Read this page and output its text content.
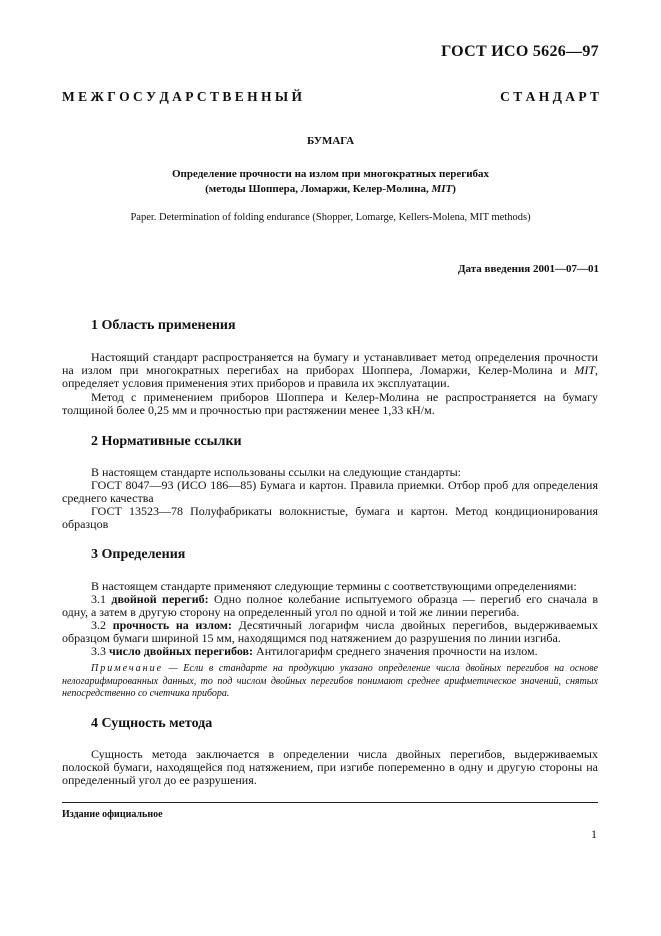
ГОСТ ИСО 5626—97
М Е Ж Г О С У Д А Р С Т В Е Н Н Ы Й	С Т А Н Д А Р Т
БУМАГА
Определение прочности на излом при многократных перегибах
(методы Шоппера, Ломаржи, Келер-Молина, MIT)
Paper. Determination of folding endurance (Shopper, Lomarge, Kellers-Molena, MIT methods)
Дата введения 2001—07—01
1 Область применения
Настоящий стандарт распространяется на бумагу и устанавливает метод определения прочности на излом при многократных перегибах на приборах Шоппера, Ломаржи, Келер-Молина и MIT, определяет условия применения этих приборов и правила их эксплуатации.
Метод с применением приборов Шоппера и Келер-Молина не распространяется на бумагу толщиной более 0,25 мм и прочностью при растяжении менее 1,33 кН/м.
2 Нормативные ссылки
В настоящем стандарте использованы ссылки на следующие стандарты:
ГОСТ 8047—93 (ИСО 186—85) Бумага и картон. Правила приемки. Отбор проб для определения среднего качества
ГОСТ 13523—78 Полуфабрикаты волокнистые, бумага и картон. Метод кондиционирования образцов
3 Определения
В настоящем стандарте применяют следующие термины с соответствующими определениями:
3.1 двойной перегиб: Одно полное колебание испытуемого образца — перегиб его сначала в одну, а затем в другую сторону на определенный угол по одной и той же линии перегиба.
3.2 прочность на излом: Десятичный логарифм числа двойных перегибов, выдерживаемых образцом бумаги шириной 15 мм, находящимся под натяжением до разрушения по линии изгиба.
3.3 число двойных перегибов: Антилогарифм среднего значения прочности на излом.
Примечание — Если в стандарте на продукцию указано определение числа двойных перегибов на основе нелогарифмированных данных, то под числом двойных перегибов понимают среднее арифметическое значений, снятых непосредственно со счетчика прибора.
4 Сущность метода
Сущность метода заключается в определении числа двойных перегибов, выдерживаемых полоской бумаги, находящейся под натяжением, при изгибе попеременно в одну и другую стороны на определенный угол до ее разрушения.
Издание официальное
1
